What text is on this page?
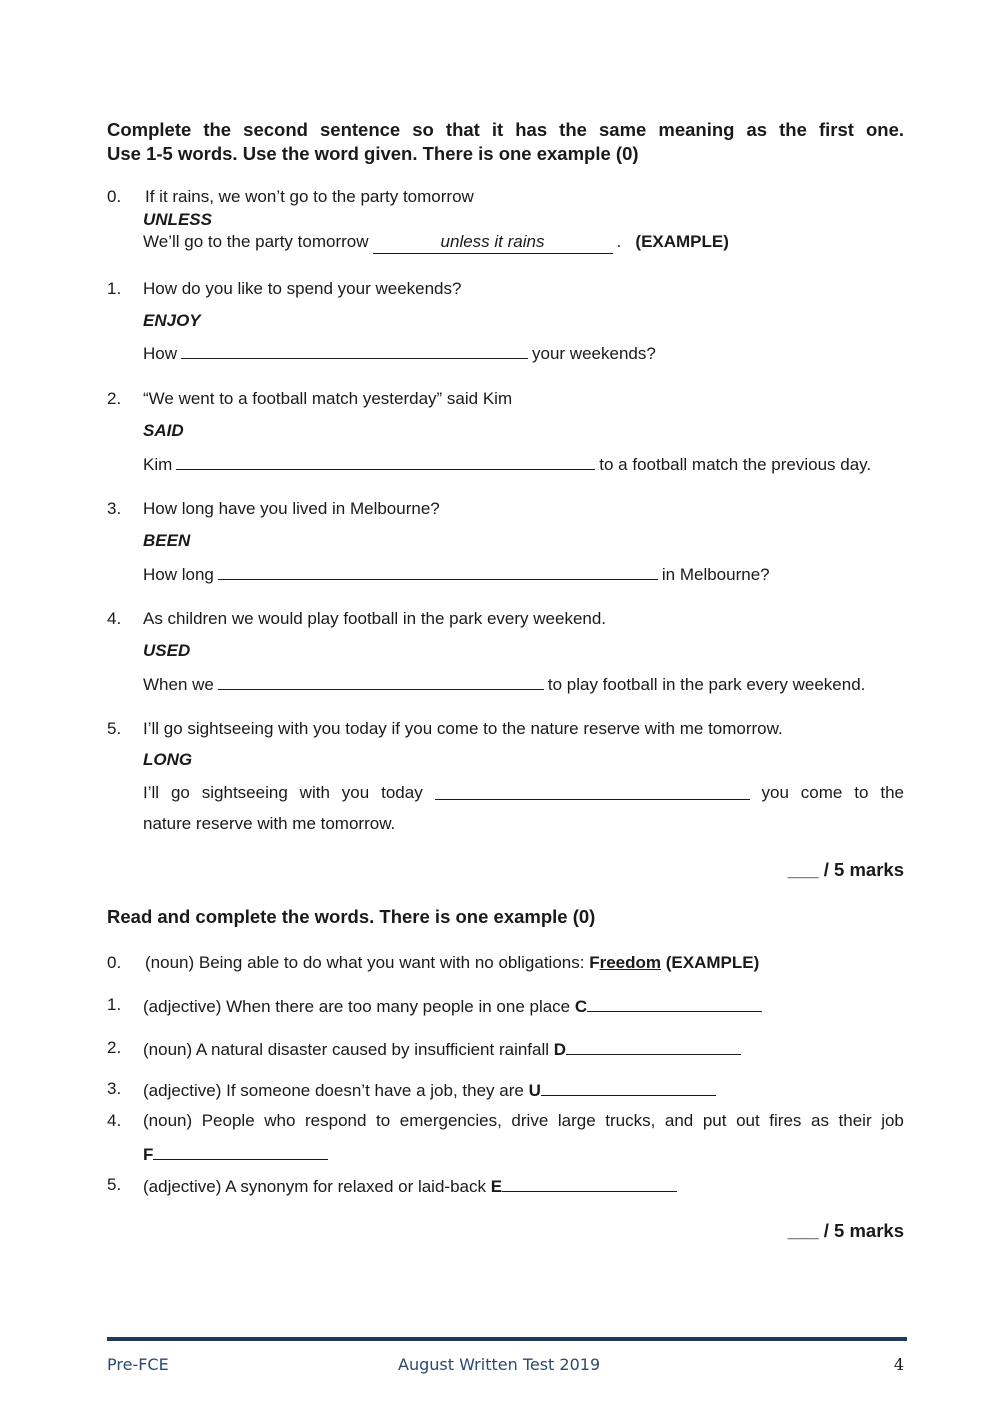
Complete the second sentence so that it has the same meaning as the first one.
Use 1-5 words. Use the word given. There is one example (0)
0. If it rains, we won’t go to the party tomorrow
UNLESS
We’ll go to the party tomorrow	unless it rains	. (EXAMPLE)
1. How do you like to spend your weekends?
ENJOY
How	your weekends?
2. “We went to a football match yesterday” said Kim
SAID
Kim	to a football match the previous day.
3. How long have you lived in Melbourne?
BEEN
How long	in Melbourne?
4. As children we would play football in the park every weekend.
USED
When we	to play football in the park every weekend.
5. I’ll go sightseeing with you today if you come to the nature reserve with me tomorrow.
LONG
I’ll go sightseeing with you today	you come to the
nature reserve with me tomorrow.
___ / 5 marks
Read and complete the words. There is one example (0)
0. (noun) Being able to do what you want with no obligations: Freedom (EXAMPLE)
1. (adjective) When there are too many people in one place C
2. (noun) A natural disaster caused by insufficient rainfall D
3. (adjective) If someone doesn’t have a job, they are U
4. (noun) People who respond to emergencies, drive large trucks, and put out fires as their job
F
5. (adjective) A synonym for relaxed or laid-back E
___ / 5 marks
Pre-FCE	August Written Test 2019	4
